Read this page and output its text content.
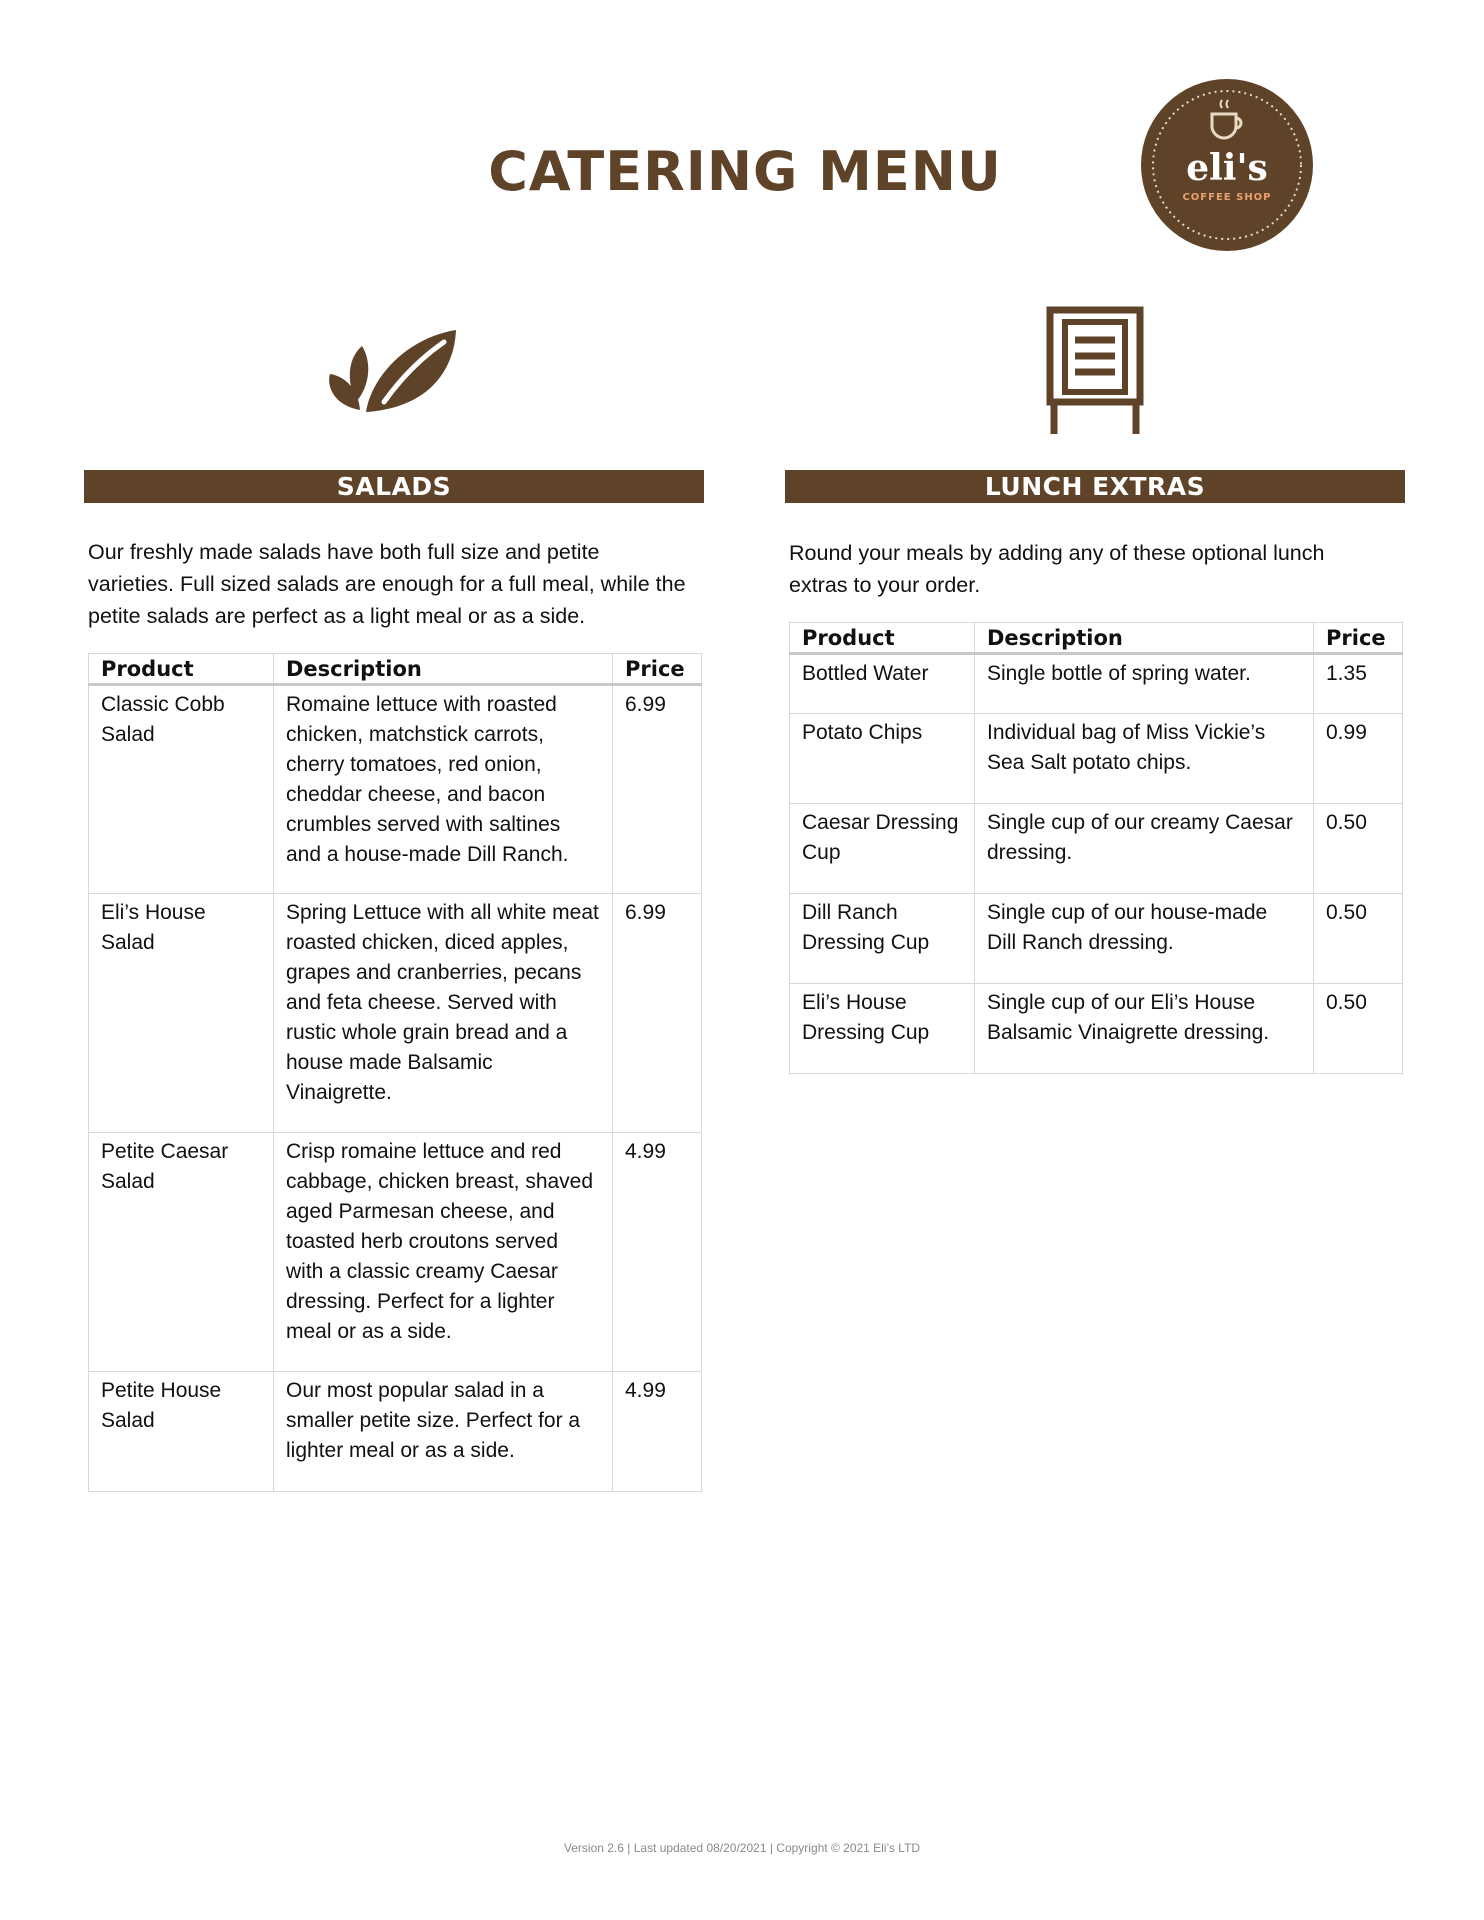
CATERING MENU	eli's
COFFEE SHOP
SALADS
Our freshly made salads have both full size and petite varieties. Full sized salads are enough for a full meal, while the petite salads are perfect as a light meal or as a side.
Product	Description	Price
Classic Cobb Salad	Romaine lettuce with roasted chicken, matchstick carrots, cherry tomatoes, red onion, cheddar cheese, and bacon crumbles served with saltines and a house-made Dill Ranch.	6.99
Eli’s House Salad	Spring Lettuce with all white meat roasted chicken, diced apples, grapes and cranberries, pecans and feta cheese. Served with rustic whole grain bread and a house made Balsamic Vinaigrette.	6.99
Petite Caesar Salad	Crisp romaine lettuce and red cabbage, chicken breast, shaved aged Parmesan cheese, and toasted herb croutons served with a classic creamy Caesar dressing. Perfect for a lighter meal or as a side.	4.99
Petite House Salad	Our most popular salad in a smaller petite size. Perfect for a lighter meal or as a side.	4.99
LUNCH EXTRAS
Round your meals by adding any of these optional lunch extras to your order.
Product	Description	Price
Bottled Water	Single bottle of spring water.	1.35
Potato Chips	Individual bag of Miss Vickie’s Sea Salt potato chips.	0.99
Caesar Dressing Cup	Single cup of our creamy Caesar dressing.	0.50
Dill Ranch Dressing Cup	Single cup of our house-made Dill Ranch dressing.	0.50
Eli’s House Dressing Cup	Single cup of our Eli’s House Balsamic Vinaigrette dressing.	0.50
Version 2.6 | Last updated 08/20/2021 | Copyright © 2021 Eli’s LTD
